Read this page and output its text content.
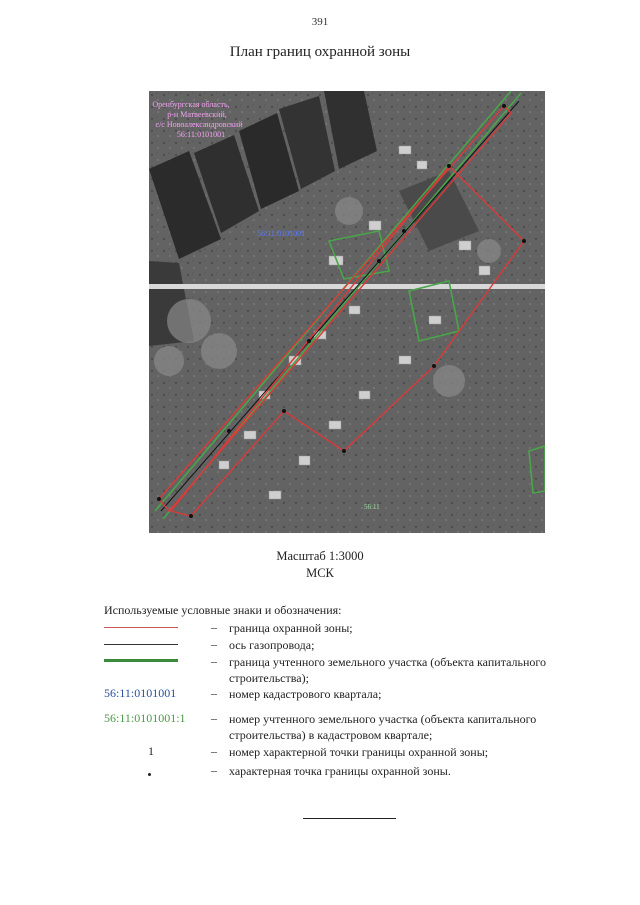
391
План границ охранной зоны
Оренбургская область,
р-н Матвеевский,
с/с Новоалександровский
56:11:0101001
56:11:0101001
56:11
Масштаб 1:3000
МСК
Используемые условные знаки и обозначения:
– граница охранной зоны;
– ось газопровода;
– граница учтенного земельного участка (объекта капитального строительства);
56:11:0101001	– номер кадастрового квартала;
56:11:0101001:1	– номер учтенного земельного участка (объекта капитального строительства) в кадастровом квартале;
1	– номер характерной точки границы охранной зоны;
– характерная точка границы охранной зоны.
